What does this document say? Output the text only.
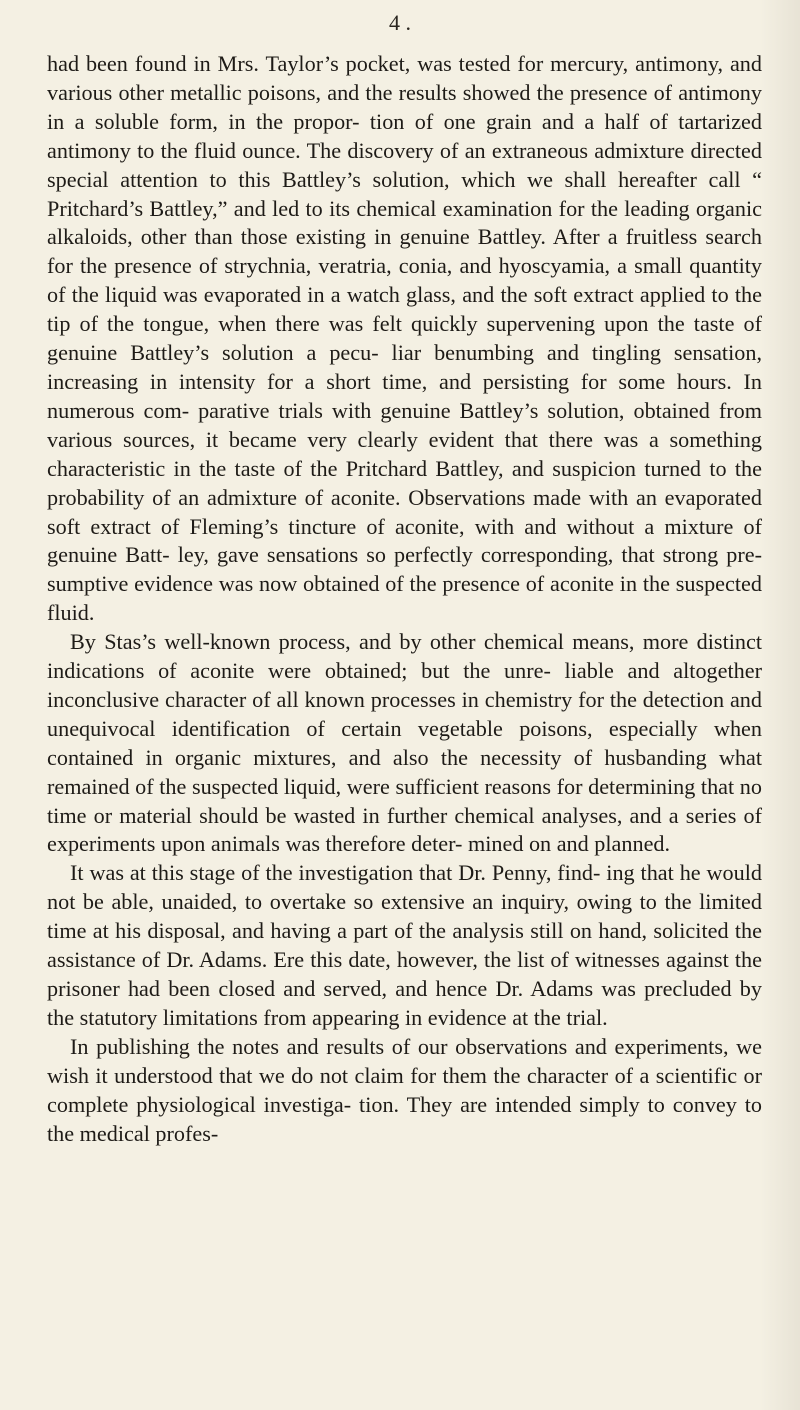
4 .

had been found in Mrs. Taylor’s pocket, was tested for mercury, antimony, and various other metallic poisons, and the results showed the presence of antimony in a soluble form, in the propor- tion of one grain and a half of tartarized antimony to the fluid ounce. The discovery of an extraneous admixture directed special attention to this Battley’s solution, which we shall hereafter call “ Pritchard’s Battley,” and led to its chemical examination for the leading organic alkaloids, other than those existing in genuine Battley. After a fruitless search for the presence of strychnia, veratria, conia, and hyoscyamia, a small quantity of the liquid was evaporated in a watch glass, and the soft extract applied to the tip of the tongue, when there was felt quickly supervening upon the taste of genuine Battley’s solution a pecu- liar benumbing and tingling sensation, increasing in intensity for a short time, and persisting for some hours. In numerous com- parative trials with genuine Battley’s solution, obtained from various sources, it became very clearly evident that there was a something characteristic in the taste of the Pritchard Battley, and suspicion turned to the probability of an admixture of aconite. Observations made with an evaporated soft extract of Fleming’s tincture of aconite, with and without a mixture of genuine Batt- ley, gave sensations so perfectly corresponding, that strong pre- sumptive evidence was now obtained of the presence of aconite in the suspected fluid.

By Stas’s well-known process, and by other chemical means, more distinct indications of aconite were obtained; but the unre- liable and altogether inconclusive character of all known processes in chemistry for the detection and unequivocal identification of certain vegetable poisons, especially when contained in organic mixtures, and also the necessity of husbanding what remained of the suspected liquid, were sufficient reasons for determining that no time or material should be wasted in further chemical analyses, and a series of experiments upon animals was therefore deter- mined on and planned.

It was at this stage of the investigation that Dr. Penny, find- ing that he would not be able, unaided, to overtake so extensive an inquiry, owing to the limited time at his disposal, and having a part of the analysis still on hand, solicited the assistance of Dr. Adams. Ere this date, however, the list of witnesses against the prisoner had been closed and served, and hence Dr. Adams was precluded by the statutory limitations from appearing in evidence at the trial.

In publishing the notes and results of our observations and experiments, we wish it understood that we do not claim for them the character of a scientific or complete physiological investiga- tion. They are intended simply to convey to the medical profes-
